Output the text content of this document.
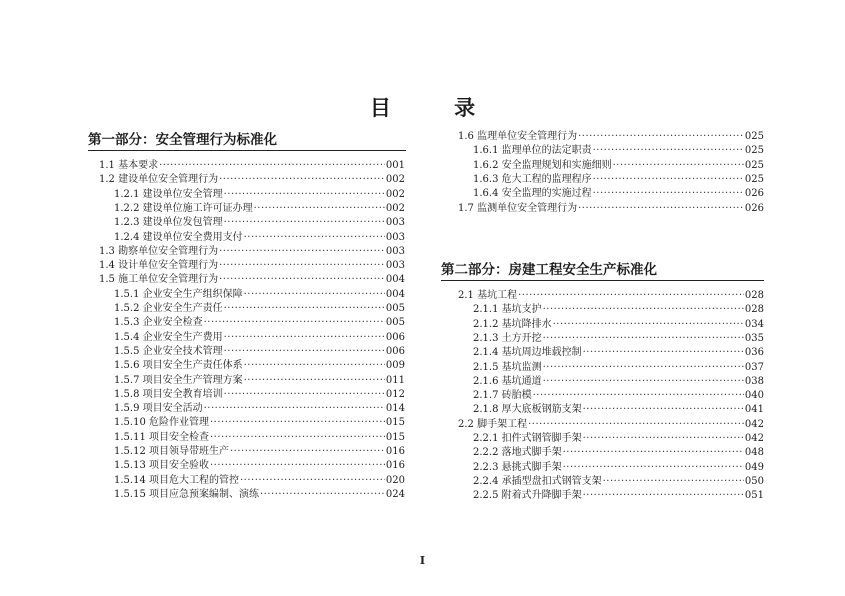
目 录
第一部分：安全管理行为标准化
第二部分：房建工程安全生产标准化
1.1 基本要求 ·····	001
1.2 建设单位安全管理行为 ·····	002
1.2.1 建设单位安全管理 ·····	002
1.2.2 建设单位施工许可证办理 ·····	002
1.2.3 建设单位发包管理 ·····	003
1.2.4 建设单位安全费用支付 ·····	003
1.3 勘察单位安全管理行为 ·····	003
1.4 设计单位安全管理行为 ·····	003
1.5 施工单位安全管理行为 ·····	004
1.5.1 企业安全生产组织保障 ·····	004
1.5.2 企业安全生产责任 ·····	005
1.5.3 企业安全检查 ·····	005
1.5.4 企业安全生产费用 ·····	006
1.5.5 企业安全技术管理 ·····	006
1.5.6 项目安全生产责任体系 ·····	009
1.5.7 项目安全生产管理方案 ·····	011
1.5.8 项目安全教育培训 ·····	012
1.5.9 项目安全活动 ·····	014
1.5.10 危险作业管理 ·····	015
1.5.11 项目安全检查 ·····	015
1.5.12 项目领导带班生产 ·····	016
1.5.13 项目安全验收 ·····	016
1.5.14 项目危大工程的管控 ·····	020
1.5.15 项目应急预案编制、演练 ·····	024
1.6 监理单位安全管理行为 ·····	025
1.6.1 监理单位的法定职责 ·····	025
1.6.2 安全监理规划和实施细则 ·····	025
1.6.3 危大工程的监理程序 ·····	025
1.6.4 安全监理的实施过程 ·····	026
1.7 监测单位安全管理行为 ·····	026
2.1 基坑工程 ·····	028
2.1.1 基坑支护 ·····	028
2.1.2 基坑降排水 ·····	034
2.1.3 土方开挖 ·····	035
2.1.4 基坑周边堆载控制 ·····	036
2.1.5 基坑监测 ·····	037
2.1.6 基坑通道 ·····	038
2.1.7 砖胎模 ·····	040
2.1.8 厚大底板钢筋支架 ·····	041
2.2 脚手架工程 ·····	042
2.2.1 扣件式钢管脚手架 ·····	042
2.2.2 落地式脚手架 ·····	048
2.2.3 悬挑式脚手架 ·····	049
2.2.4 承插型盘扣式钢管支架 ·····	050
2.2.5 附着式升降脚手架 ·····	051
I
